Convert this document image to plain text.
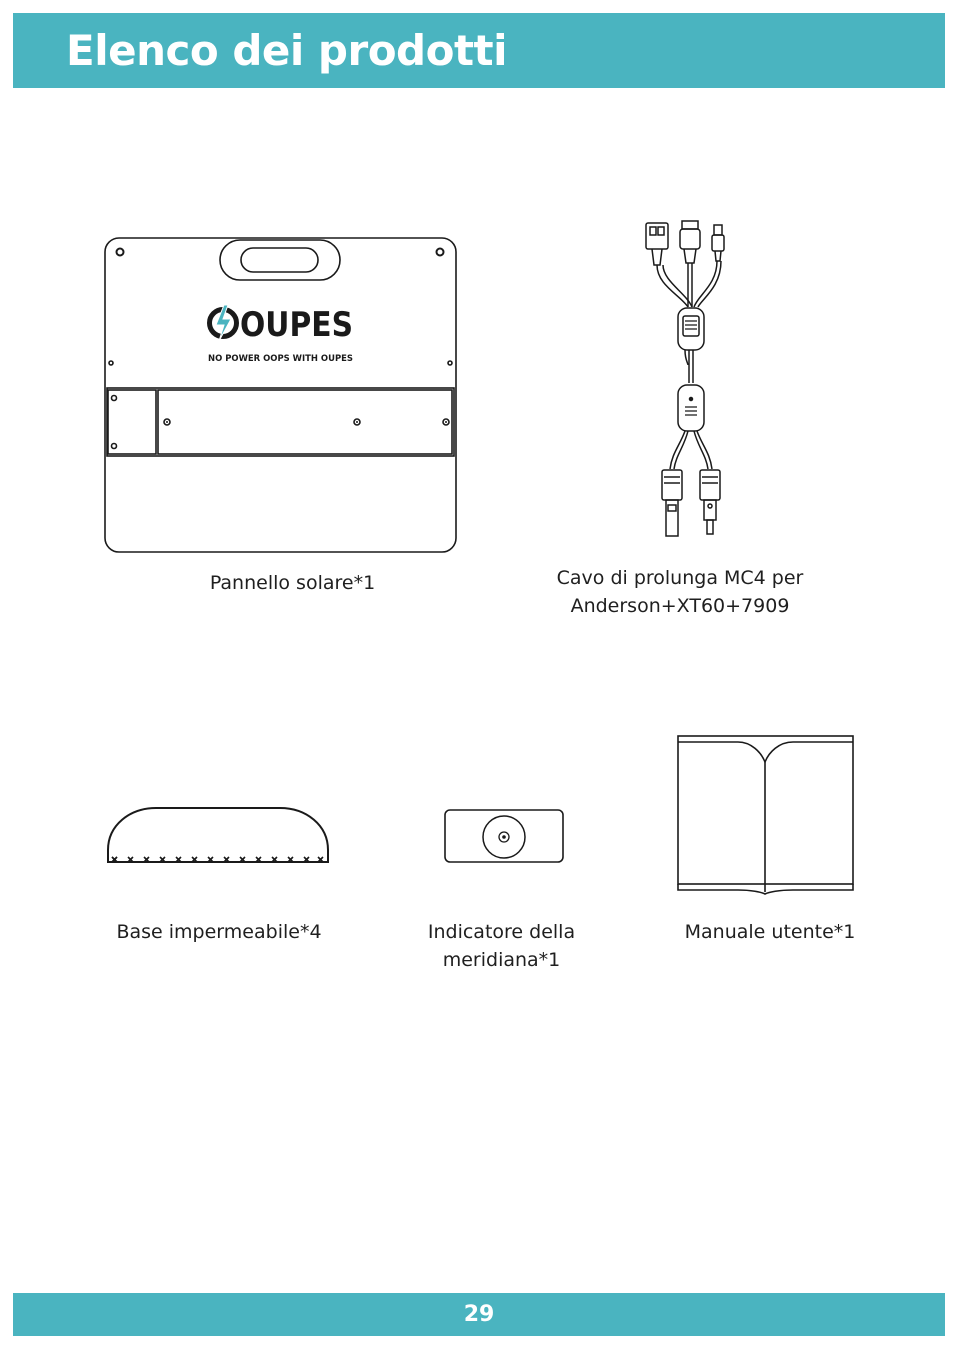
Elenco dei prodotti
OUPES
NO POWER OOPS WITH OUPES
Pannello solare*1	Cavo di prolunga MC4 per
Anderson+XT60+7909
Base impermeabile*4	Indicatore della
meridiana*1
Manuale utente*1
29
